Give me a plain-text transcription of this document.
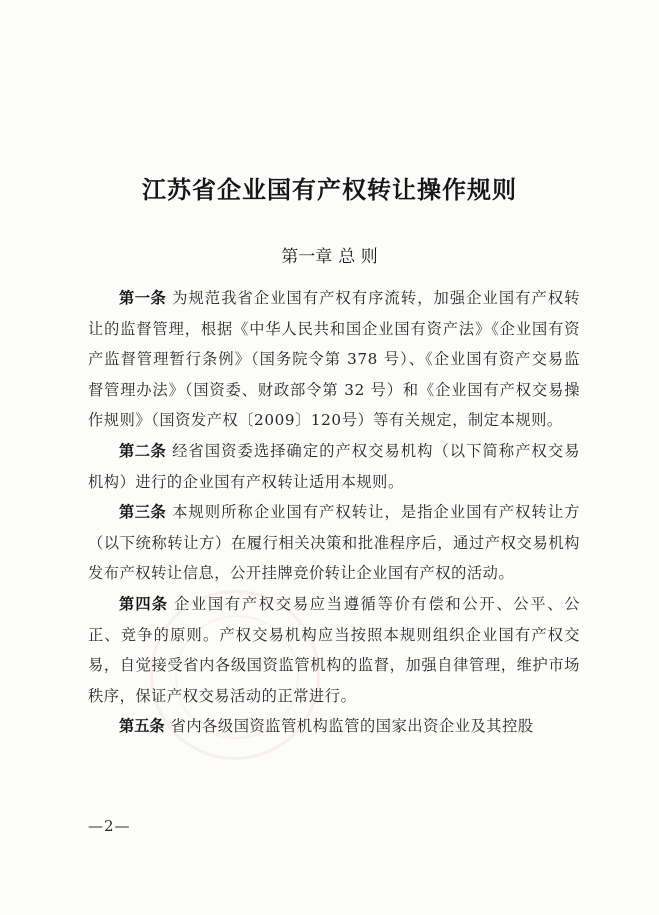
江苏省企业国有产权转让操作规则
第一章 总 则

第一条 为规范我省企业国有产权有序流转，加强企业国有产权转让的监督管理，根据《中华人民共和国企业国有资产法》《企业国有资产监督管理暂行条例》（国务院令第 378 号）、《企业国有资产交易监督管理办法》（国资委、财政部令第 32 号）和《企业国有产权交易操作规则》（国资发产权〔2009〕120号）等有关规定，制定本规则。

第二条 经省国资委选择确定的产权交易机构（以下简称产权交易机构）进行的企业国有产权转让适用本规则。

第三条 本规则所称企业国有产权转让，是指企业国有产权转让方（以下统称转让方）在履行相关决策和批准程序后，通过产权交易机构发布产权转让信息，公开挂牌竞价转让企业国有产权的活动。

第四条 企业国有产权交易应当遵循等价有偿和公开、公平、公正、竞争的原则。产权交易机构应当按照本规则组织企业国有产权交易，自觉接受省内各级国资监管机构的监督，加强自律管理，维护市场秩序，保证产权交易活动的正常进行。

第五条 省内各级国资监管机构监管的国家出资企业及其控股

—2—
